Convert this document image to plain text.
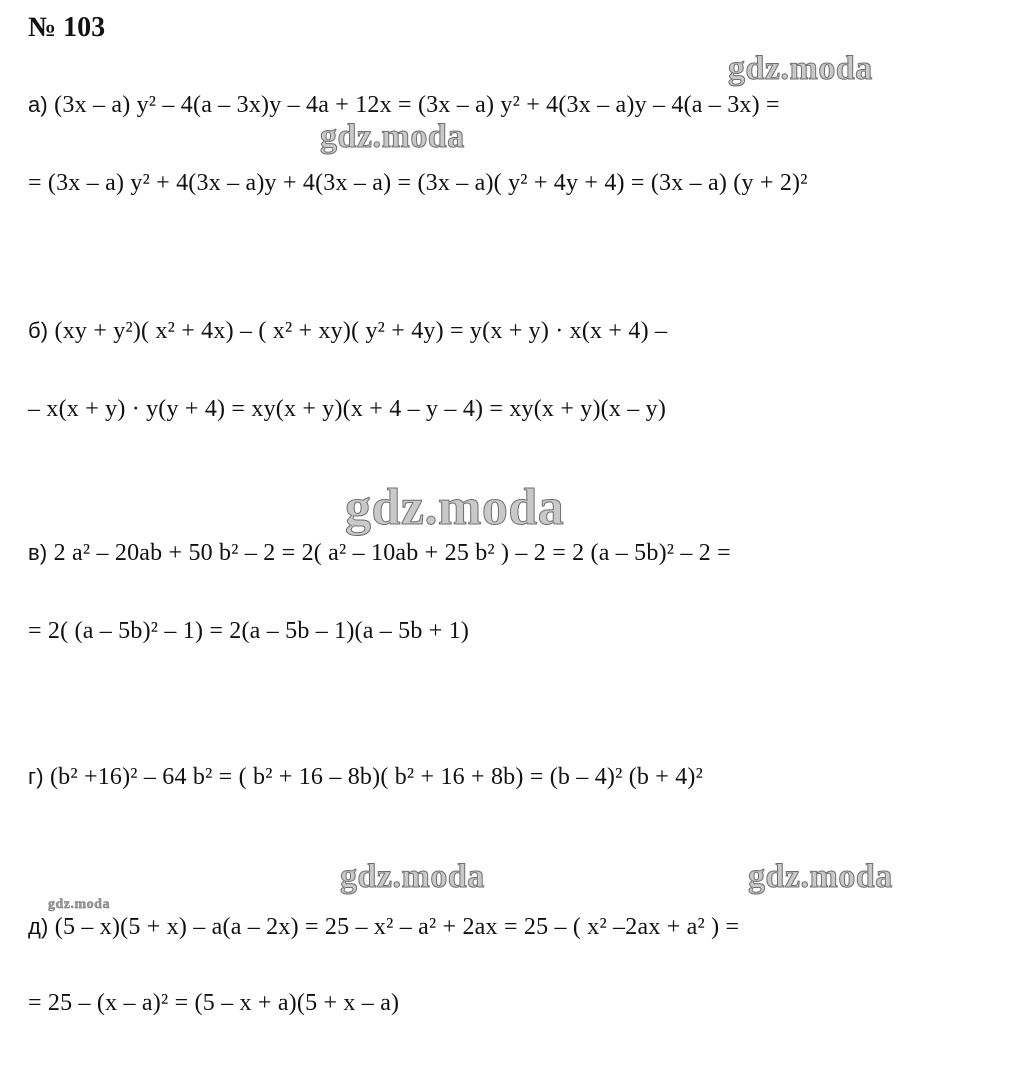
№ 103
gdz.moda
gdz.moda
gdz.moda
gdz.moda	gdz.moda
gdz.moda
а) (3x – a) y² – 4(a – 3x)y – 4a + 12x = (3x – a) y² + 4(3x – a)y – 4(a – 3x) =
= (3x – a) y² + 4(3x – a)y + 4(3x – a) = (3x – a)( y² + 4y + 4) = (3x – a) (y + 2)²
б) (xy + y²)( x² + 4x) – ( x² + xy)( y² + 4y) = y(x + y) · x(x + 4) –
– x(x + y) · y(y + 4) = xy(x + y)(x + 4 – y – 4) = xy(x + y)(x – y)
в) 2 a² – 20ab + 50 b² – 2 = 2( a² – 10ab + 25 b² ) – 2 = 2 (a – 5b)² – 2 =
= 2( (a – 5b)² – 1) = 2(a – 5b – 1)(a – 5b + 1)
г) (b² +16)² – 64 b² = ( b² + 16 – 8b)( b² + 16 + 8b) = (b – 4)² (b + 4)²
д) (5 – x)(5 + x) – a(a – 2x) = 25 – x² – a² + 2ax = 25 – ( x² –2ax + a² ) =
= 25 – (x – a)² = (5 – x + a)(5 + x – a)
